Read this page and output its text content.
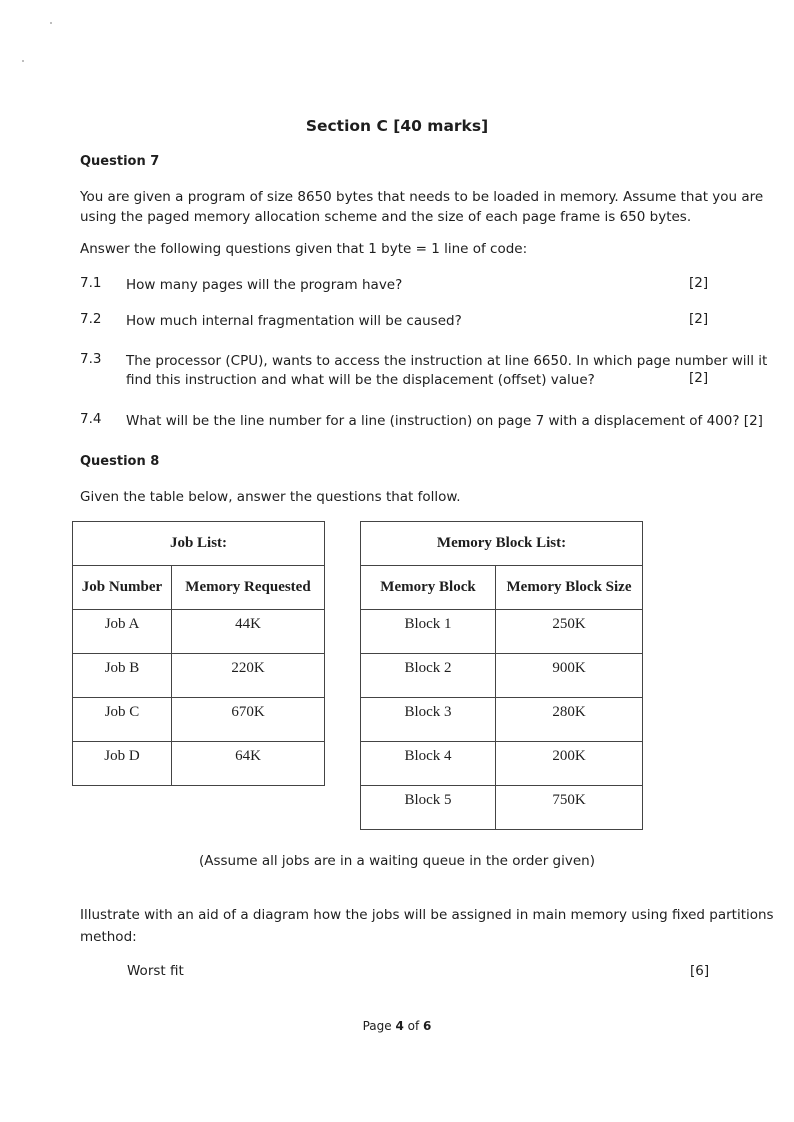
Section C [40 marks]
Question 7
You are given a program of size 8650 bytes that needs to be loaded in memory. Assume that you are
using the paged memory allocation scheme and the size of each page frame is 650 bytes.
Answer the following questions given that 1 byte = 1 line of code:
7.1 How many pages will the program have?	[2]
7.2 How much internal fragmentation will be caused?	[2]
7.3 The processor (CPU), wants to access the instruction at line 6650. In which page number will it
find this instruction and what will be the displacement (offset) value?	[2]
7.4 What will be the line number for a line (instruction) on page 7 with a displacement of 400? [2]
Question 8
Given the table below, answer the questions that follow.
Job List:	
Job Number	Memory Requested
Job A	44K
Job B	220K
Job C	670K
Job D	64K
Memory Block List:	
Memory Block	Memory Block Size
Block 1	250K
Block 2	900K
Block 3	280K
Block 4	200K
Block 5	750K
(Assume all jobs are in a waiting queue in the order given)
Illustrate with an aid of a diagram how the jobs will be assigned in main memory using fixed partitions
method:
Worst fit	[6]
Page 4 of 6
